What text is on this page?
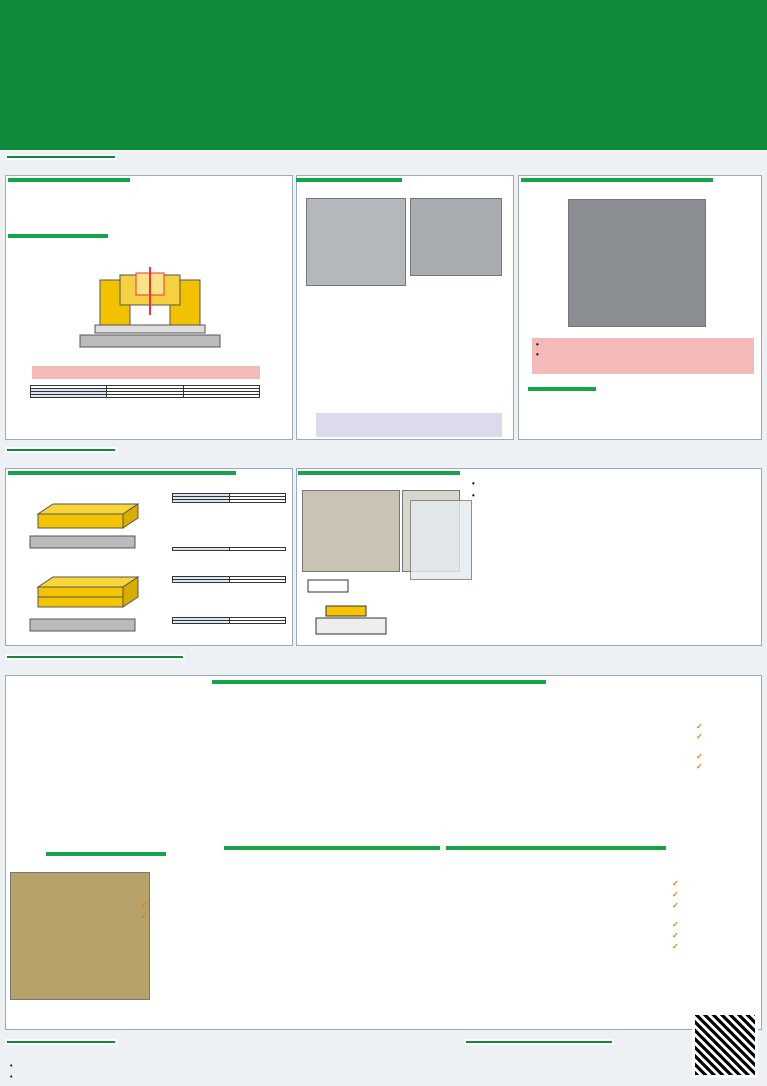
•
•

•
•
✓
✓
✓
✓
✓
✓
✓
✓
✓
✓
✓
✓
•
•
